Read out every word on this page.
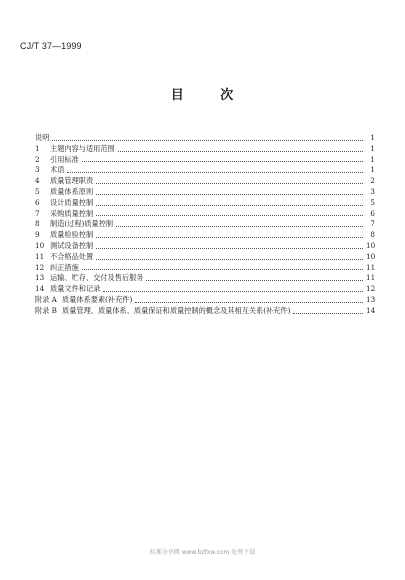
CJ/T 37—1999
目 次
说明	1
1	主题内容与适用范围	1
2	引用标准	1
3	术语	1
4	质量管理职责	2
5	质量体系原则	3
6	设计质量控制	5
7	采购质量控制	6
8	制造(过程)质量控制	7
9	质量检验控制	8
10 测试设备控制	10
11 不合格品处置	10
12 纠正措施	11
13 运输、贮存、交付及售后服务	11
14 质量文件和记录	12
附录 A 质量体系要素(补充件)	13
附录 B 质量管理、质量体系、质量保证和质量控制的概念及其相互关系(补充件)	14
标准分享网 www.bzfxw.com 免费下载
